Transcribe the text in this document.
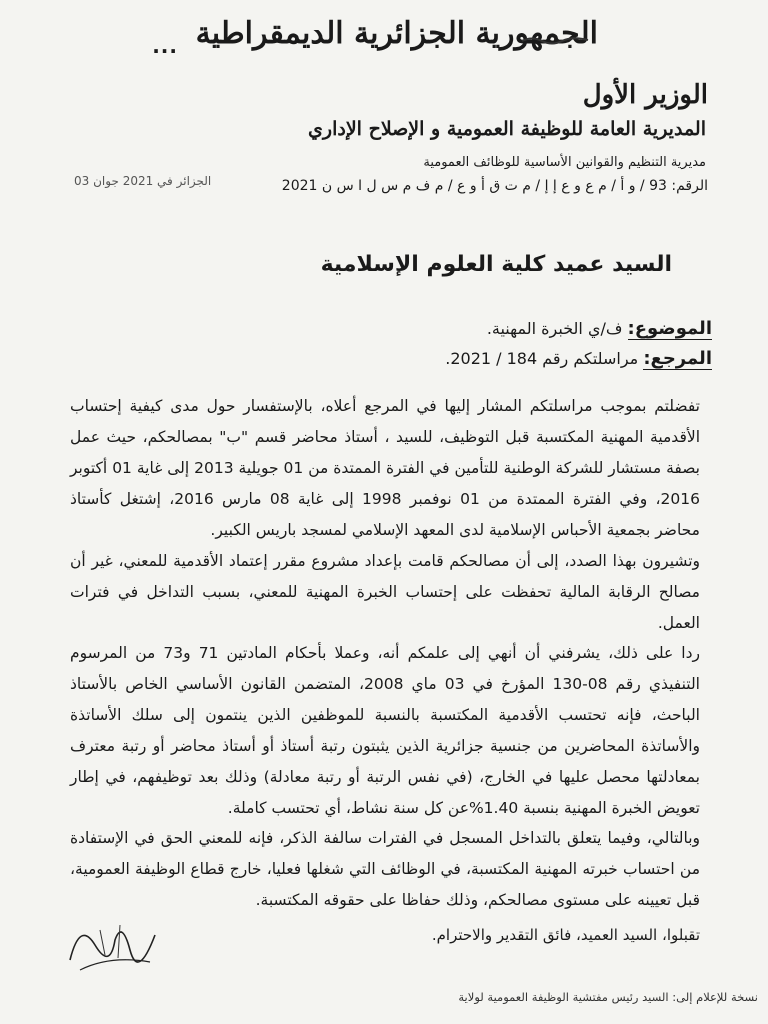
الجمهورية الجزائرية الديمقراطية
...
الوزير الأول
المديرية العامة للوظيفة العمومية و الإصلاح الإداري
مديرية التنظيم والقوانين الأساسية للوظائف العمومية
الرقم: 93 / و أ / م ع و ع إ إ / م ت ق أ و ع / م ف م س ل ا س ن 2021
الجزائر في 2021 جوان 03
السيد عميد كلية العلوم الإسلامية
الموضوع: ف/ي الخبرة المهنية.
المرجع: مراسلتكم رقم 184 / 2021.

تفضلتم بموجب مراسلتكم المشار إليها في المرجع أعلاه، بالإستفسار حول مدى كيفية إحتساب الأقدمية المهنية المكتسبة قبل التوظيف، للسيد ، أستاذ محاضر قسم "ب" بمصالحكم، حيث عمل بصفة مستشار للشركة الوطنية للتأمين في الفترة الممتدة من 01 جويلية 2013 إلى غاية 01 أكتوبر 2016، وفي الفترة الممتدة من 01 نوفمبر 1998 إلى غاية 08 مارس 2016، إشتغل كأستاذ محاضر بجمعية الأحباس الإسلامية لدى المعهد الإسلامي لمسجد باريس الكبير.

وتشيرون بهذا الصدد، إلى أن مصالحكم قامت بإعداد مشروع مقرر إعتماد الأقدمية للمعني، غير أن مصالح الرقابة المالية تحفظت على إحتساب الخبرة المهنية للمعني، بسبب التداخل في فترات العمل.

ردا على ذلك، يشرفني أن أنهي إلى علمكم أنه، وعملا بأحكام المادتين 71 و73 من المرسوم التنفيذي رقم 08-130 المؤرخ في 03 ماي 2008، المتضمن القانون الأساسي الخاص بالأستاذ الباحث، فإنه تحتسب الأقدمية المكتسبة بالنسبة للموظفين الذين ينتمون إلى سلك الأساتذة والأساتذة المحاضرين من جنسية جزائرية الذين يثبتون رتبة أستاذ أو أستاذ محاضر أو رتبة معترف بمعادلتها محصل عليها في الخارج، (في نفس الرتبة أو رتبة معادلة) وذلك بعد توظيفهم، في إطار تعويض الخبرة المهنية بنسبة 1.40%عن كل سنة نشاط، أي تحتسب كاملة.

وبالتالي، وفيما يتعلق بالتداخل المسجل في الفترات سالفة الذكر، فإنه للمعني الحق في الإستفادة من احتساب خبرته المهنية المكتسبة، في الوظائف التي شغلها فعليا، خارج قطاع الوظيفة العمومية، قبل تعيينه على مستوى مصالحكم، وذلك حفاظا على حقوقه المكتسبة.

تقبلوا، السيد العميد، فائق التقدير والاحترام.
نسخة للإعلام إلى: السيد رئيس مفتشية الوظيفة العمومية لولاية
